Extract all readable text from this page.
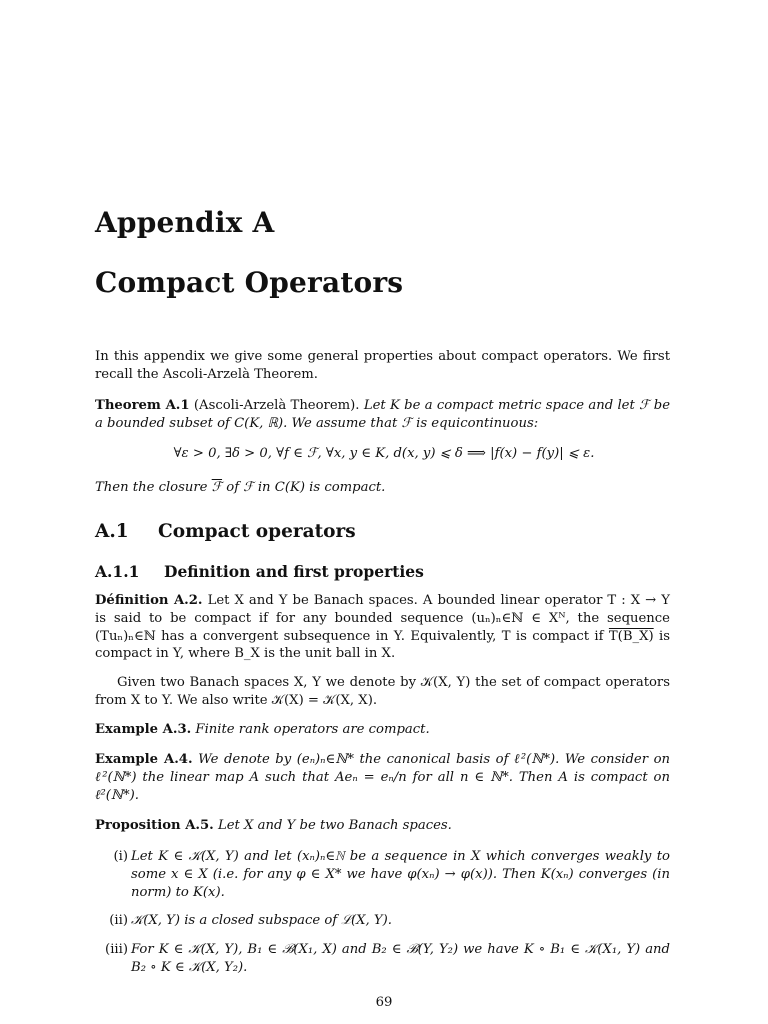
Appendix A
Compact Operators
In this appendix we give some general properties about compact operators. We first recall the Ascoli-Arzelà Theorem.
Theorem A.1 (Ascoli-Arzelà Theorem). Let K be a compact metric space and let ℱ be a bounded subset of C(K, ℝ). We assume that ℱ is equicontinuous:
∀ε > 0, ∃δ > 0, ∀f ∈ ℱ, ∀x, y ∈ K, d(x, y) ⩽ δ ⟹ |f(x) − f(y)| ⩽ ε.
Then the closure ℱ of ℱ in C(K) is compact.
A.1 Compact operators
A.1.1 Definition and first properties
Définition A.2. Let X and Y be Banach spaces. A bounded linear operator T : X → Y is said to be compact if for any bounded sequence (uₙ)ₙ∈ℕ ∈ Xᴺ, the sequence (Tuₙ)ₙ∈ℕ has a convergent subsequence in Y. Equivalently, T is compact if T(B_X) is compact in Y, where B_X is the unit ball in X.
Given two Banach spaces X, Y we denote by 𝒦(X, Y) the set of compact operators from X to Y. We also write 𝒦(X) = 𝒦(X, X).
Example A.3. Finite rank operators are compact.
Example A.4. We denote by (eₙ)ₙ∈ℕ* the canonical basis of ℓ²(ℕ*). We consider on ℓ²(ℕ*) the linear map A such that Aeₙ = eₙ/n for all n ∈ ℕ*. Then A is compact on ℓ²(ℕ*).
Proposition A.5. Let X and Y be two Banach spaces.
(i) Let K ∈ 𝒦(X, Y) and let (xₙ)ₙ∈ℕ be a sequence in X which converges weakly to some x ∈ X (i.e. for any φ ∈ X* we have φ(xₙ) → φ(x)). Then K(xₙ) converges (in norm) to K(x).
(ii) 𝒦(X, Y) is a closed subspace of ℒ(X, Y).
(iii) For K ∈ 𝒦(X, Y), B₁ ∈ ℬ(X₁, X) and B₂ ∈ ℬ(Y, Y₂) we have K ∘ B₁ ∈ 𝒦(X₁, Y) and B₂ ∘ K ∈ 𝒦(X, Y₂).
69
